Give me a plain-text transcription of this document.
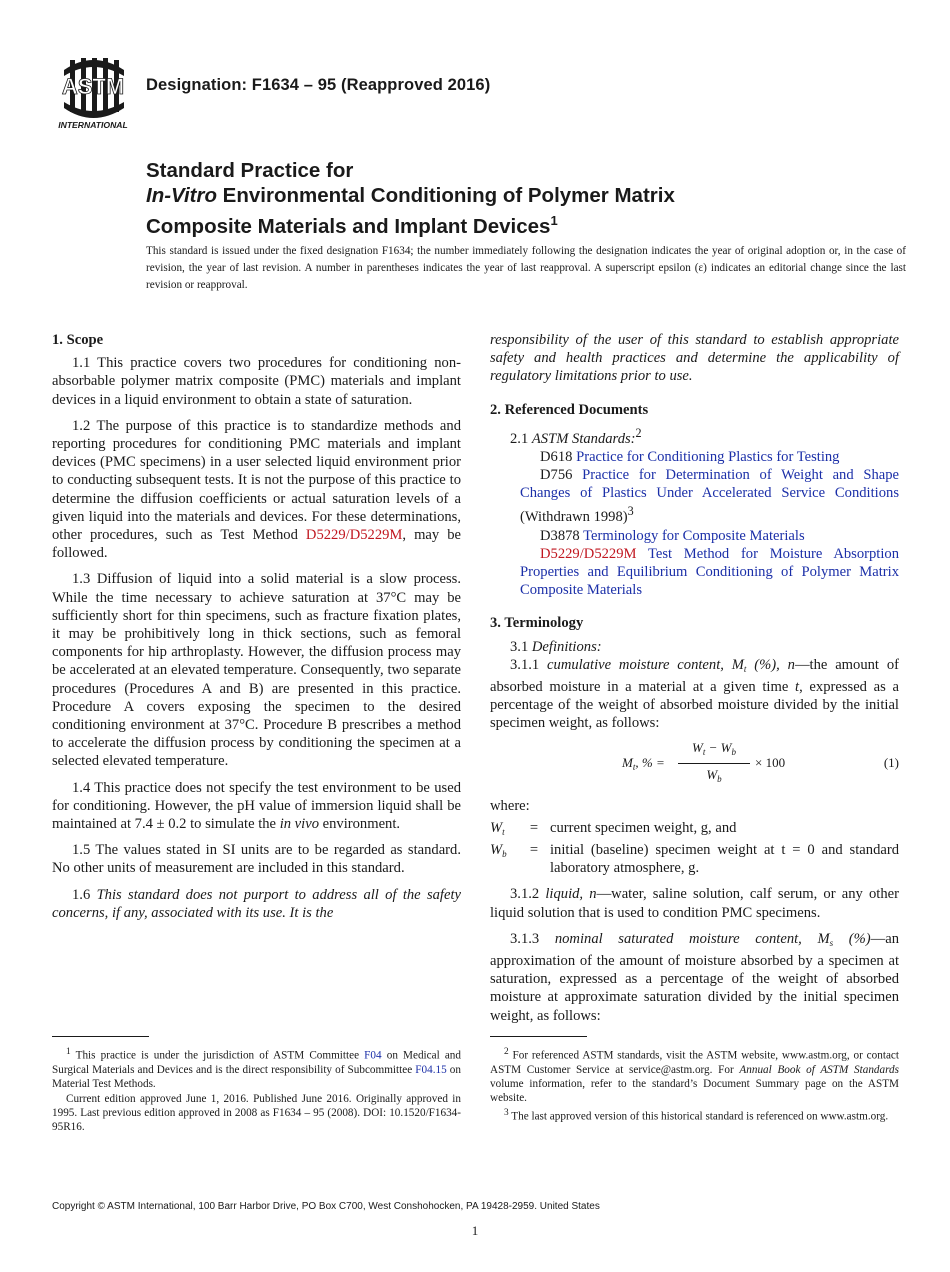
ASTM
INTERNATIONAL
Designation: F1634 – 95 (Reapproved 2016)
Standard Practice for
In-Vitro Environmental Conditioning of Polymer Matrix
Composite Materials and Implant Devices$^1$
This standard is issued under the fixed designation F1634; the number immediately following the designation indicates the year of original adoption or, in the case of revision, the year of last revision. A number in parentheses indicates the year of last reapproval. A superscript epsilon (ε) indicates an editorial change since the last revision or reapproval.
1. Scope

1.1 This practice covers two procedures for conditioning non-absorbable polymer matrix composite (PMC) materials and implant devices in a liquid environment to obtain a state of saturation.

1.2 The purpose of this practice is to standardize methods and reporting procedures for conditioning PMC materials and implant devices (PMC specimens) in a user selected liquid environment prior to conducting subsequent tests. It is not the purpose of this practice to determine the diffusion coefficients or actual saturation levels of a given liquid into the materials and devices. For these determinations, other procedures, such as Test Method D5229/D5229M, may be followed.

1.3 Diffusion of liquid into a solid material is a slow process. While the time necessary to achieve saturation at 37°C may be sufficiently short for thin specimens, such as fracture fixation plates, it may be prohibitively long in thick sections, such as femoral components for hip arthroplasty. However, the diffusion process may be accelerated at an elevated temperature. Consequently, two separate procedures (Procedures A and B) are presented in this practice. Procedure A covers exposing the specimen to the desired conditioning environment at 37°C. Procedure B prescribes a method to accelerate the diffusion process by conditioning the specimen at a selected elevated temperature.

1.4 This practice does not specify the test environment to be used for conditioning. However, the pH value of immersion liquid shall be maintained at 7.4 ± 0.2 to simulate the in vivo environment.

1.5 The values stated in SI units are to be regarded as standard. No other units of measurement are included in this standard.

1.6 This standard does not purport to address all of the safety concerns, if any, associated with its use. It is the

$^1$ This practice is under the jurisdiction of ASTM Committee F04 on Medical and Surgical Materials and Devices and is the direct responsibility of Subcommittee F04.15 on Material Test Methods.

Current edition approved June 1, 2016. Published June 2016. Originally approved in 1995. Last previous edition approved in 2008 as F1634 – 95 (2008). DOI: 10.1520/F1634-95R16.

responsibility of the user of this standard to establish appropriate safety and health practices and determine the applicability of regulatory limitations prior to use.

2. Referenced Documents

2.1 ASTM Standards:$^2$

D618 Practice for Conditioning Plastics for Testing

D756 Practice for Determination of Weight and Shape Changes of Plastics Under Accelerated Service Conditions (Withdrawn 1998)$^3$

D3878 Terminology for Composite Materials

D5229/D5229M Test Method for Moisture Absorption Properties and Equilibrium Conditioning of Polymer Matrix Composite Materials

3. Terminology

3.1 Definitions:

3.1.1 cumulative moisture content, $M_t$ (%), n—the amount of absorbed moisture in a material at a given time t, expressed as a percentage of the weight of absorbed moisture divided by the initial specimen weight, as follows:

$M_t$, % = $\frac{W_t - W_b}{W_b} \times 100$	(1)

where:

$W_t$	= current specimen weight, g, and
$W_b$	= initial (baseline) specimen weight at t = 0 and standard laboratory atmosphere, g.

3.1.2 liquid, n—water, saline solution, calf serum, or any other liquid solution that is used to condition PMC specimens.

3.1.3 nominal saturated moisture content, $M_s$ (%)—an approximation of the amount of moisture absorbed by a specimen at saturation, expressed as a percentage of the weight of absorbed moisture at approximate saturation divided by the initial specimen weight, as follows:

$^2$ For referenced ASTM standards, visit the ASTM website, www.astm.org, or contact ASTM Customer Service at service@astm.org. For Annual Book of ASTM Standards volume information, refer to the standard’s Document Summary page on the ASTM website.

$^3$ The last approved version of this historical standard is referenced on www.astm.org.

Copyright © ASTM International, 100 Barr Harbor Drive, PO Box C700, West Conshohocken, PA 19428-2959. United States
1
